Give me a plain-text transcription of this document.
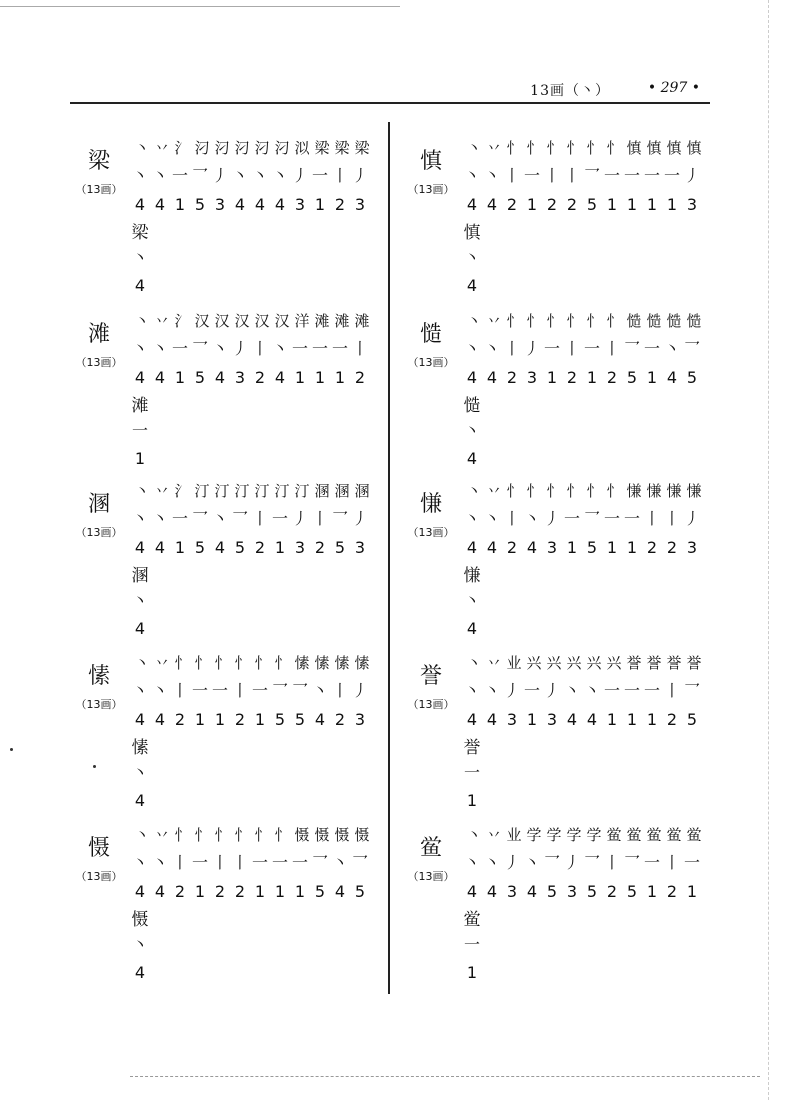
13画（丶）	• 297 •
梁
（13画）
丶 丷 氵 汈 汈 汈 汈 汈 泤 梁 梁 梁
丶 丶 一 乛 丿 丶 丶 丶 丿 一 丨 丿
4 4 1 5 3 4 4 4 3 1 2 3
梁
丶
4
滩
（13画）
丶 丷 氵 汉 汉 汉 汉 汉 洋 滩 滩 滩
丶 丶 一 乛 丶 丿 丨 丶 一 一 一 丨
4 4 1 5 4 3 2 4 1 1 1 2
滩
一
1
溷
（13画）
丶 丷 氵 汀 汀 汀 汀 汀 汀 溷 溷 溷
丶 丶 一 乛 丶 乛 丨 一 丿 丨 乛 丿
4 4 1 5 4 5 2 1 3 2 5 3
溷
丶
4
愫
（13画）
丶 丷 忄 忄 忄 忄 忄 忄 愫 愫 愫 愫
丶 丶 丨 一 一 丨 一 乛 乛 丶 丨 丿
4 4 2 1 1 2 1 5 5 4 2 3
愫
丶
4
慑
（13画）
丶 丷 忄 忄 忄 忄 忄 忄 慑 慑 慑 慑
丶 丶 丨 一 丨 丨 一 一 一 乛 丶 乛
4 4 2 1 2 2 1 1 1 5 4 5
慑
丶
4
慎
（13画）
丶 丷 忄 忄 忄 忄 忄 忄 慎 慎 慎 慎
丶 丶 丨 一 丨 丨 乛 一 一 一 一 丿
4 4 2 1 2 2 5 1 1 1 1 3
慎
丶
4
慥
（13画）
丶 丷 忄 忄 忄 忄 忄 忄 慥 慥 慥 慥
丶 丶 丨 丿 一 丨 一 丨 乛 一 丶 乛
4 4 2 3 1 2 1 2 5 1 4 5
慥
丶
4
慊
（13画）
丶 丷 忄 忄 忄 忄 忄 忄 慊 慊 慊 慊
丶 丶 丨 丶 丿 一 乛 一 一 丨 丨 丿
4 4 2 4 3 1 5 1 1 2 2 3
慊
丶
4
誉
（13画）
丶 丷 业 兴 兴 兴 兴 兴 誉 誉 誉 誉
丶 丶 丿 一 丿 丶 丶 一 一 一 丨 乛
4 4 3 1 3 4 4 1 1 1 2 5
誉
一
1
鲎
（13画）
丶 丷 业 学 学 学 学 鲎 鲎 鲎 鲎 鲎
丶 丶 丿 丶 乛 丿 乛 丨 乛 一 丨 一
4 4 3 4 5 3 5 2 5 1 2 1
鲎
一
1
